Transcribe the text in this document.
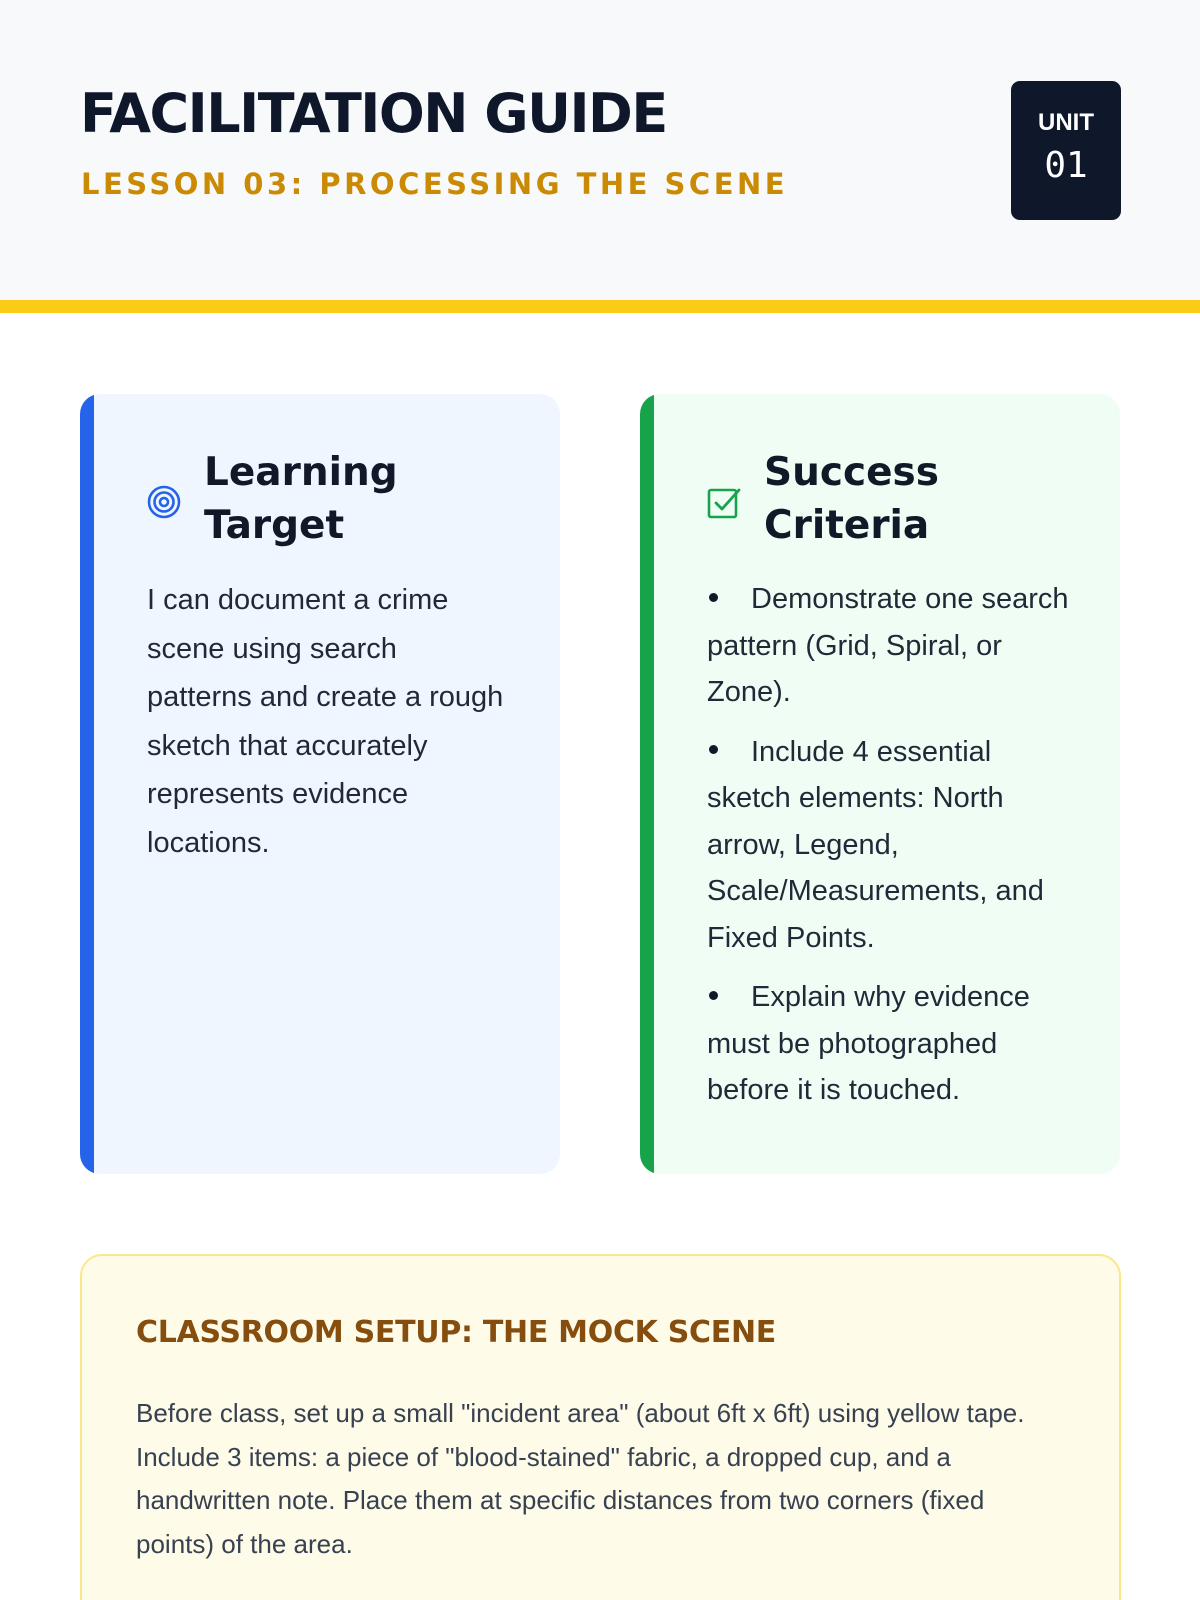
FACILITATION GUIDE
LESSON 03: PROCESSING THE SCENE
UNIT
01
Learning Target

I can document a crime scene using search patterns and create a rough sketch that accurately represents evidence locations.

Success Criteria
Demonstrate one search pattern (Grid, Spiral, or Zone).
Include 4 essential sketch elements: North arrow, Legend, Scale/Measurements, and Fixed Points.
Explain why evidence must be photographed before it is touched.
CLASSROOM SETUP: THE MOCK SCENE

Before class, set up a small "incident area" (about 6ft x 6ft) using yellow tape. Include 3 items: a piece of "blood-stained" fabric, a dropped cup, and a handwritten note. Place them at specific distances from two corners (fixed points) of the area.
